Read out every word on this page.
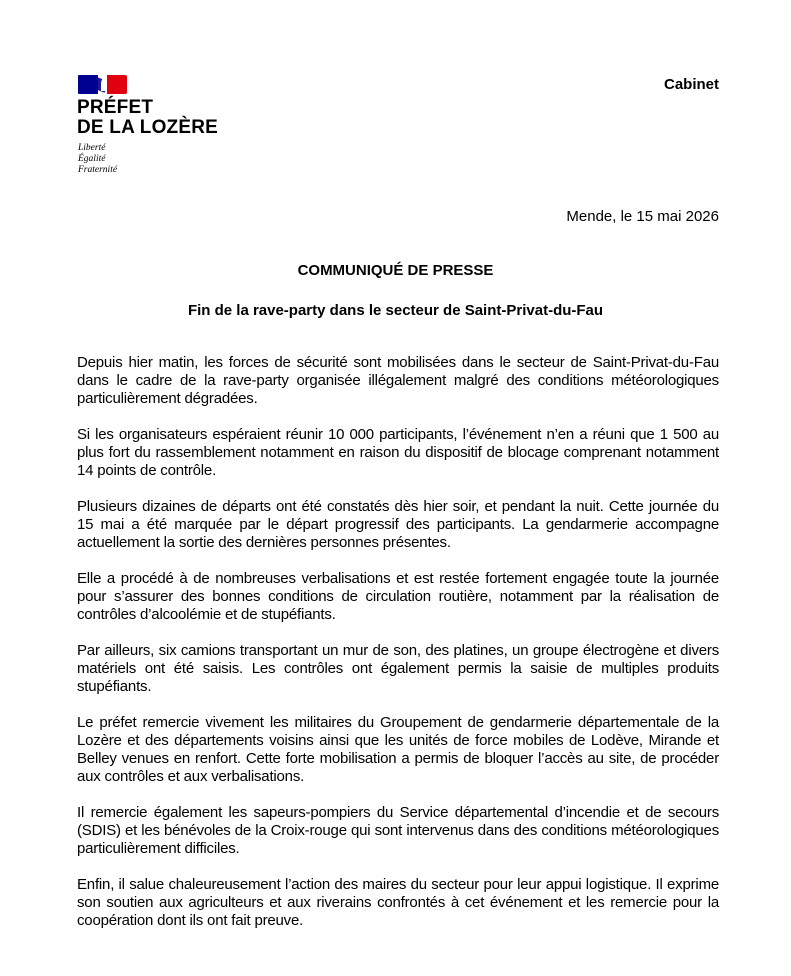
PRÉFET
DE LA LOZÈRE
Liberté
Égalité
Fraternité
Cabinet
Mende, le 15 mai 2026
COMMUNIQUÉ DE PRESSE
Fin de la rave-party dans le secteur de Saint-Privat-du-Fau

Depuis hier matin, les forces de sécurité sont mobilisées dans le secteur de Saint-Privat-du-Fau dans le cadre de la rave-party organisée illégalement malgré des conditions météorologiques particulièrement dégradées.

Si les organisateurs espéraient réunir 10 000 participants, l’événement n’en a réuni que 1 500 au plus fort du rassemblement notamment en raison du dispositif de blocage comprenant notamment 14 points de contrôle.

Plusieurs dizaines de départs ont été constatés dès hier soir, et pendant la nuit. Cette journée du 15 mai a été marquée par le départ progressif des participants. La gendarmerie accompagne actuellement la sortie des dernières personnes présentes.

Elle a procédé à de nombreuses verbalisations et est restée fortement engagée toute la journée pour s’assurer des bonnes conditions de circulation routière, notamment par la réalisation de contrôles d’alcoolémie et de stupéfiants.

Par ailleurs, six camions transportant un mur de son, des platines, un groupe électrogène et divers matériels ont été saisis. Les contrôles ont également permis la saisie de multiples produits stupéfiants.

Le préfet remercie vivement les militaires du Groupement de gendarmerie départementale de la Lozère et des départements voisins ainsi que les unités de force mobiles de Lodève, Mirande et Belley venues en renfort. Cette forte mobilisation a permis de bloquer l’accès au site, de procéder aux contrôles et aux verbalisations.

Il remercie également les sapeurs-pompiers du Service départemental d’incendie et de secours (SDIS) et les bénévoles de la Croix-rouge qui sont intervenus dans des conditions météorologiques particulièrement difficiles.

Enfin, il salue chaleureusement l’action des maires du secteur pour leur appui logistique. Il exprime son soutien aux agriculteurs et aux riverains confrontés à cet événement et les remercie pour la coopération dont ils ont fait preuve.
